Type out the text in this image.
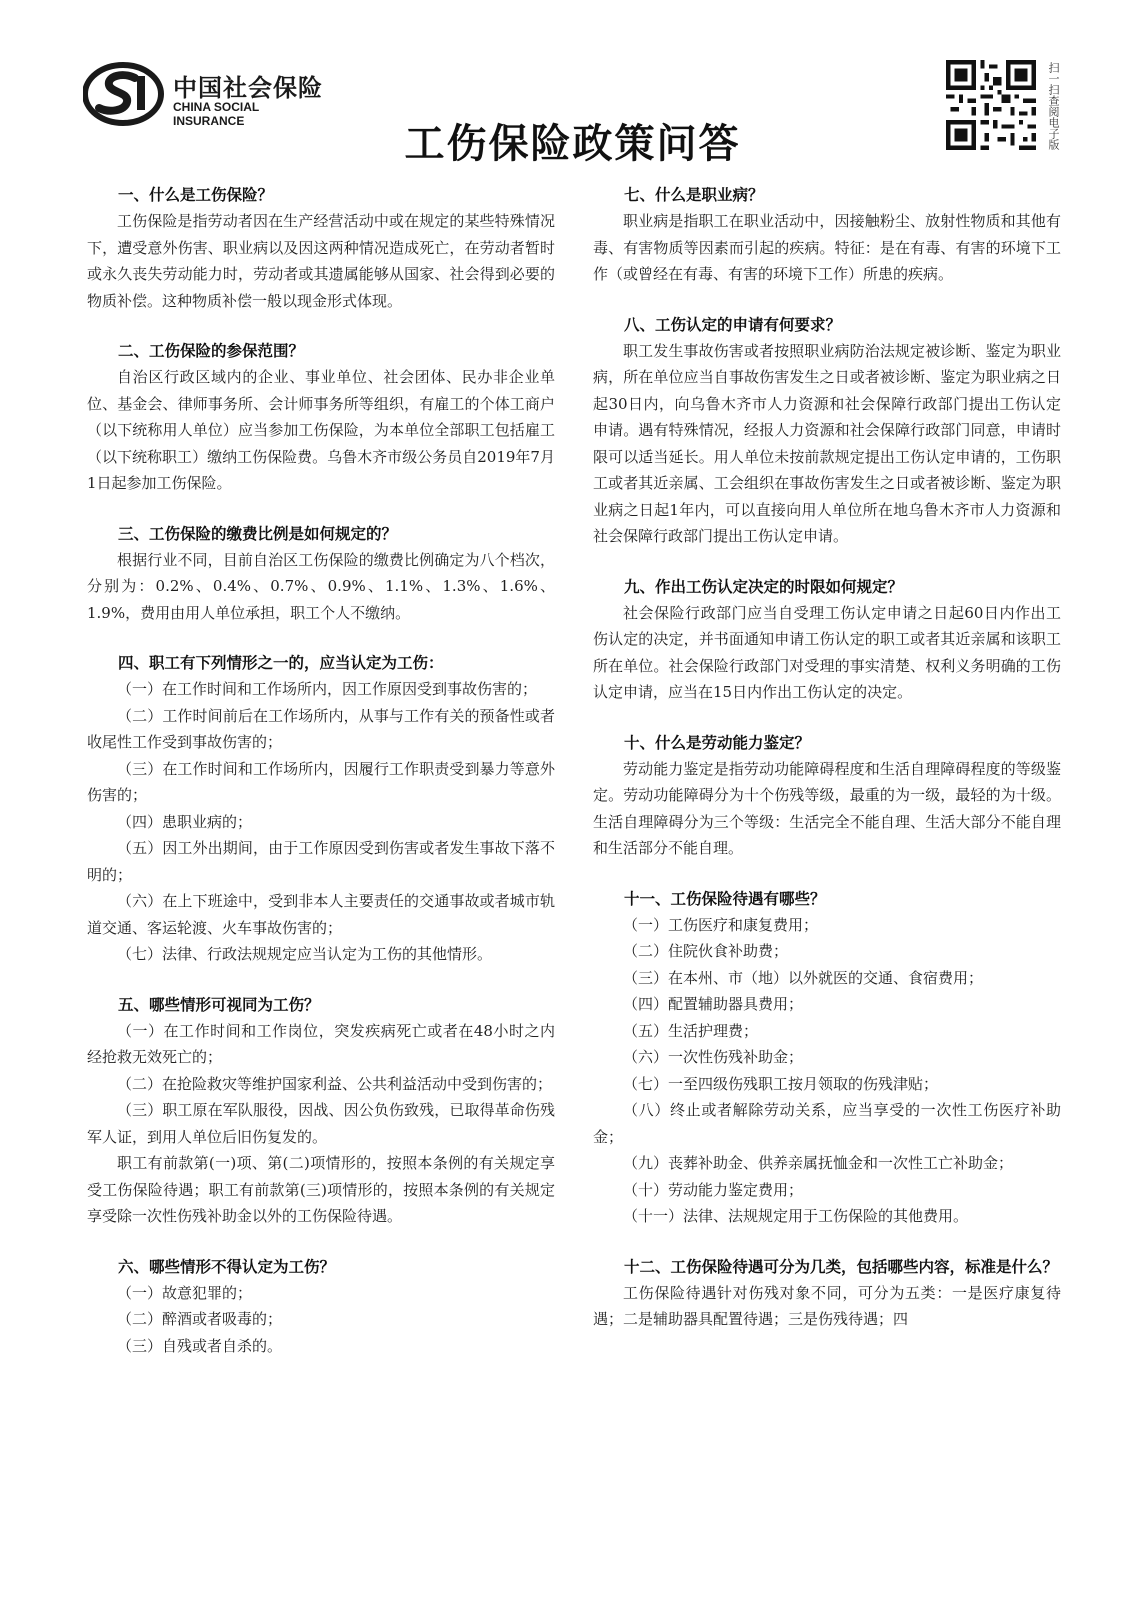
中国社会保险
CHINA SOCIAL INSURANCE	工伤保险政策问答	扫一扫查阅电子版

一、什么是工伤保险？

工伤保险是指劳动者因在生产经营活动中或在规定的某些特殊情况下，遭受意外伤害、职业病以及因这两种情况造成死亡，在劳动者暂时或永久丧失劳动能力时，劳动者或其遗属能够从国家、社会得到必要的物质补偿。这种物质补偿一般以现金形式体现。

二、工伤保险的参保范围？

自治区行政区域内的企业、事业单位、社会团体、民办非企业单位、基金会、律师事务所、会计师事务所等组织，有雇工的个体工商户（以下统称用人单位）应当参加工伤保险，为本单位全部职工包括雇工（以下统称职工）缴纳工伤保险费。乌鲁木齐市级公务员自2019年7月1日起参加工伤保险。

三、工伤保险的缴费比例是如何规定的？

根据行业不同，目前自治区工伤保险的缴费比例确定为八个档次，分别为：0.2%、0.4%、0.7%、0.9%、1.1%、1.3%、1.6%、1.9%，费用由用人单位承担，职工个人不缴纳。

四、职工有下列情形之一的，应当认定为工伤：

（一）在工作时间和工作场所内，因工作原因受到事故伤害的；

（二）工作时间前后在工作场所内，从事与工作有关的预备性或者收尾性工作受到事故伤害的；

（三）在工作时间和工作场所内，因履行工作职责受到暴力等意外伤害的；

（四）患职业病的；

（五）因工外出期间，由于工作原因受到伤害或者发生事故下落不明的；

（六）在上下班途中，受到非本人主要责任的交通事故或者城市轨道交通、客运轮渡、火车事故伤害的；

（七）法律、行政法规规定应当认定为工伤的其他情形。

五、哪些情形可视同为工伤？

（一）在工作时间和工作岗位，突发疾病死亡或者在48小时之内经抢救无效死亡的；

（二）在抢险救灾等维护国家利益、公共利益活动中受到伤害的；

（三）职工原在军队服役，因战、因公负伤致残，已取得革命伤残军人证，到用人单位后旧伤复发的。

职工有前款第(一)项、第(二)项情形的，按照本条例的有关规定享受工伤保险待遇；职工有前款第(三)项情形的，按照本条例的有关规定享受除一次性伤残补助金以外的工伤保险待遇。

六、哪些情形不得认定为工伤？

（一）故意犯罪的；

（二）醉酒或者吸毒的；

（三）自残或者自杀的。

七、什么是职业病？

职业病是指职工在职业活动中，因接触粉尘、放射性物质和其他有毒、有害物质等因素而引起的疾病。特征：是在有毒、有害的环境下工作（或曾经在有毒、有害的环境下工作）所患的疾病。

八、工伤认定的申请有何要求？

职工发生事故伤害或者按照职业病防治法规定被诊断、鉴定为职业病，所在单位应当自事故伤害发生之日或者被诊断、鉴定为职业病之日起30日内，向乌鲁木齐市人力资源和社会保障行政部门提出工伤认定申请。遇有特殊情况，经报人力资源和社会保障行政部门同意，申请时限可以适当延长。用人单位未按前款规定提出工伤认定申请的，工伤职工或者其近亲属、工会组织在事故伤害发生之日或者被诊断、鉴定为职业病之日起1年内，可以直接向用人单位所在地乌鲁木齐市人力资源和社会保障行政部门提出工伤认定申请。

九、作出工伤认定决定的时限如何规定？

社会保险行政部门应当自受理工伤认定申请之日起60日内作出工伤认定的决定，并书面通知申请工伤认定的职工或者其近亲属和该职工所在单位。社会保险行政部门对受理的事实清楚、权利义务明确的工伤认定申请，应当在15日内作出工伤认定的决定。

十、什么是劳动能力鉴定？

劳动能力鉴定是指劳动功能障碍程度和生活自理障碍程度的等级鉴定。劳动功能障碍分为十个伤残等级，最重的为一级，最轻的为十级。生活自理障碍分为三个等级：生活完全不能自理、生活大部分不能自理和生活部分不能自理。

十一、工伤保险待遇有哪些？

（一）工伤医疗和康复费用；

（二）住院伙食补助费；

（三）在本州、市（地）以外就医的交通、食宿费用；

（四）配置辅助器具费用；

（五）生活护理费；

（六）一次性伤残补助金；

（七）一至四级伤残职工按月领取的伤残津贴；

（八）终止或者解除劳动关系，应当享受的一次性工伤医疗补助金；

（九）丧葬补助金、供养亲属抚恤金和一次性工亡补助金；

（十）劳动能力鉴定费用；

（十一）法律、法规规定用于工伤保险的其他费用。

十二、工伤保险待遇可分为几类，包括哪些内容，标准是什么？

工伤保险待遇针对伤残对象不同，可分为五类：一是医疗康复待遇；二是辅助器具配置待遇；三是伤残待遇；四
